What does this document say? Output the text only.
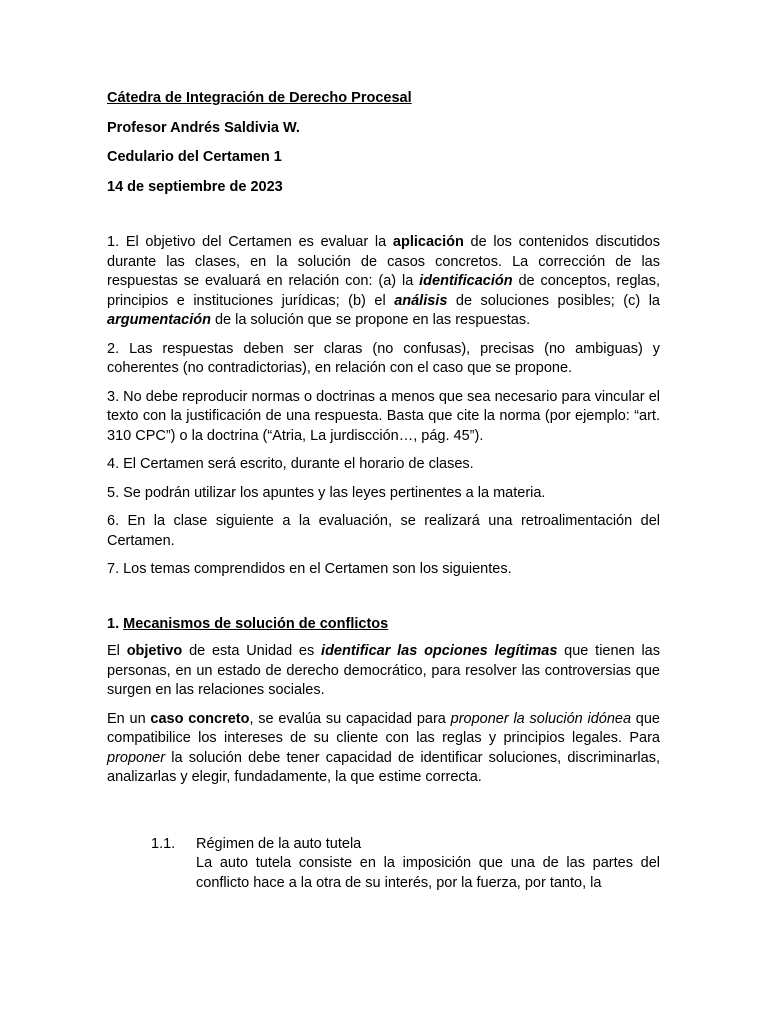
Cátedra de Integración de Derecho Procesal
Profesor Andrés Saldivia W.
Cedulario del Certamen 1
14 de septiembre de 2023

1. El objetivo del Certamen es evaluar la aplicación de los contenidos discutidos durante las clases, en la solución de casos concretos. La corrección de las respuestas se evaluará en relación con: (a) la identificación de conceptos, reglas, principios e instituciones jurídicas; (b) el análisis de soluciones posibles; (c) la argumentación de la solución que se propone en las respuestas.

2. Las respuestas deben ser claras (no confusas), precisas (no ambiguas) y coherentes (no contradictorias), en relación con el caso que se propone.

3. No debe reproducir normas o doctrinas a menos que sea necesario para vincular el texto con la justificación de una respuesta. Basta que cite la norma (por ejemplo: “art. 310 CPC”) o la doctrina (“Atria, La jurdiscción…, pág. 45”).

4. El Certamen será escrito, durante el horario de clases.

5. Se podrán utilizar los apuntes y las leyes pertinentes a la materia.

6. En la clase siguiente a la evaluación, se realizará una retroalimentación del Certamen.

7. Los temas comprendidos en el Certamen son los siguientes.

1. Mecanismos de solución de conflictos

El objetivo de esta Unidad es identificar las opciones legítimas que tienen las personas, en un estado de derecho democrático, para resolver las controversias que surgen en las relaciones sociales.

En un caso concreto, se evalúa su capacidad para proponer la solución idónea que compatibilice los intereses de su cliente con las reglas y principios legales. Para proponer la solución debe tener capacidad de identificar soluciones, discriminarlas, analizarlas y elegir, fundadamente, la que estime correcta.

1.1.	Régimen de la auto tutela

La auto tutela consiste en la imposición que una de las partes del conflicto hace a la otra de su interés, por la fuerza, por tanto, la
